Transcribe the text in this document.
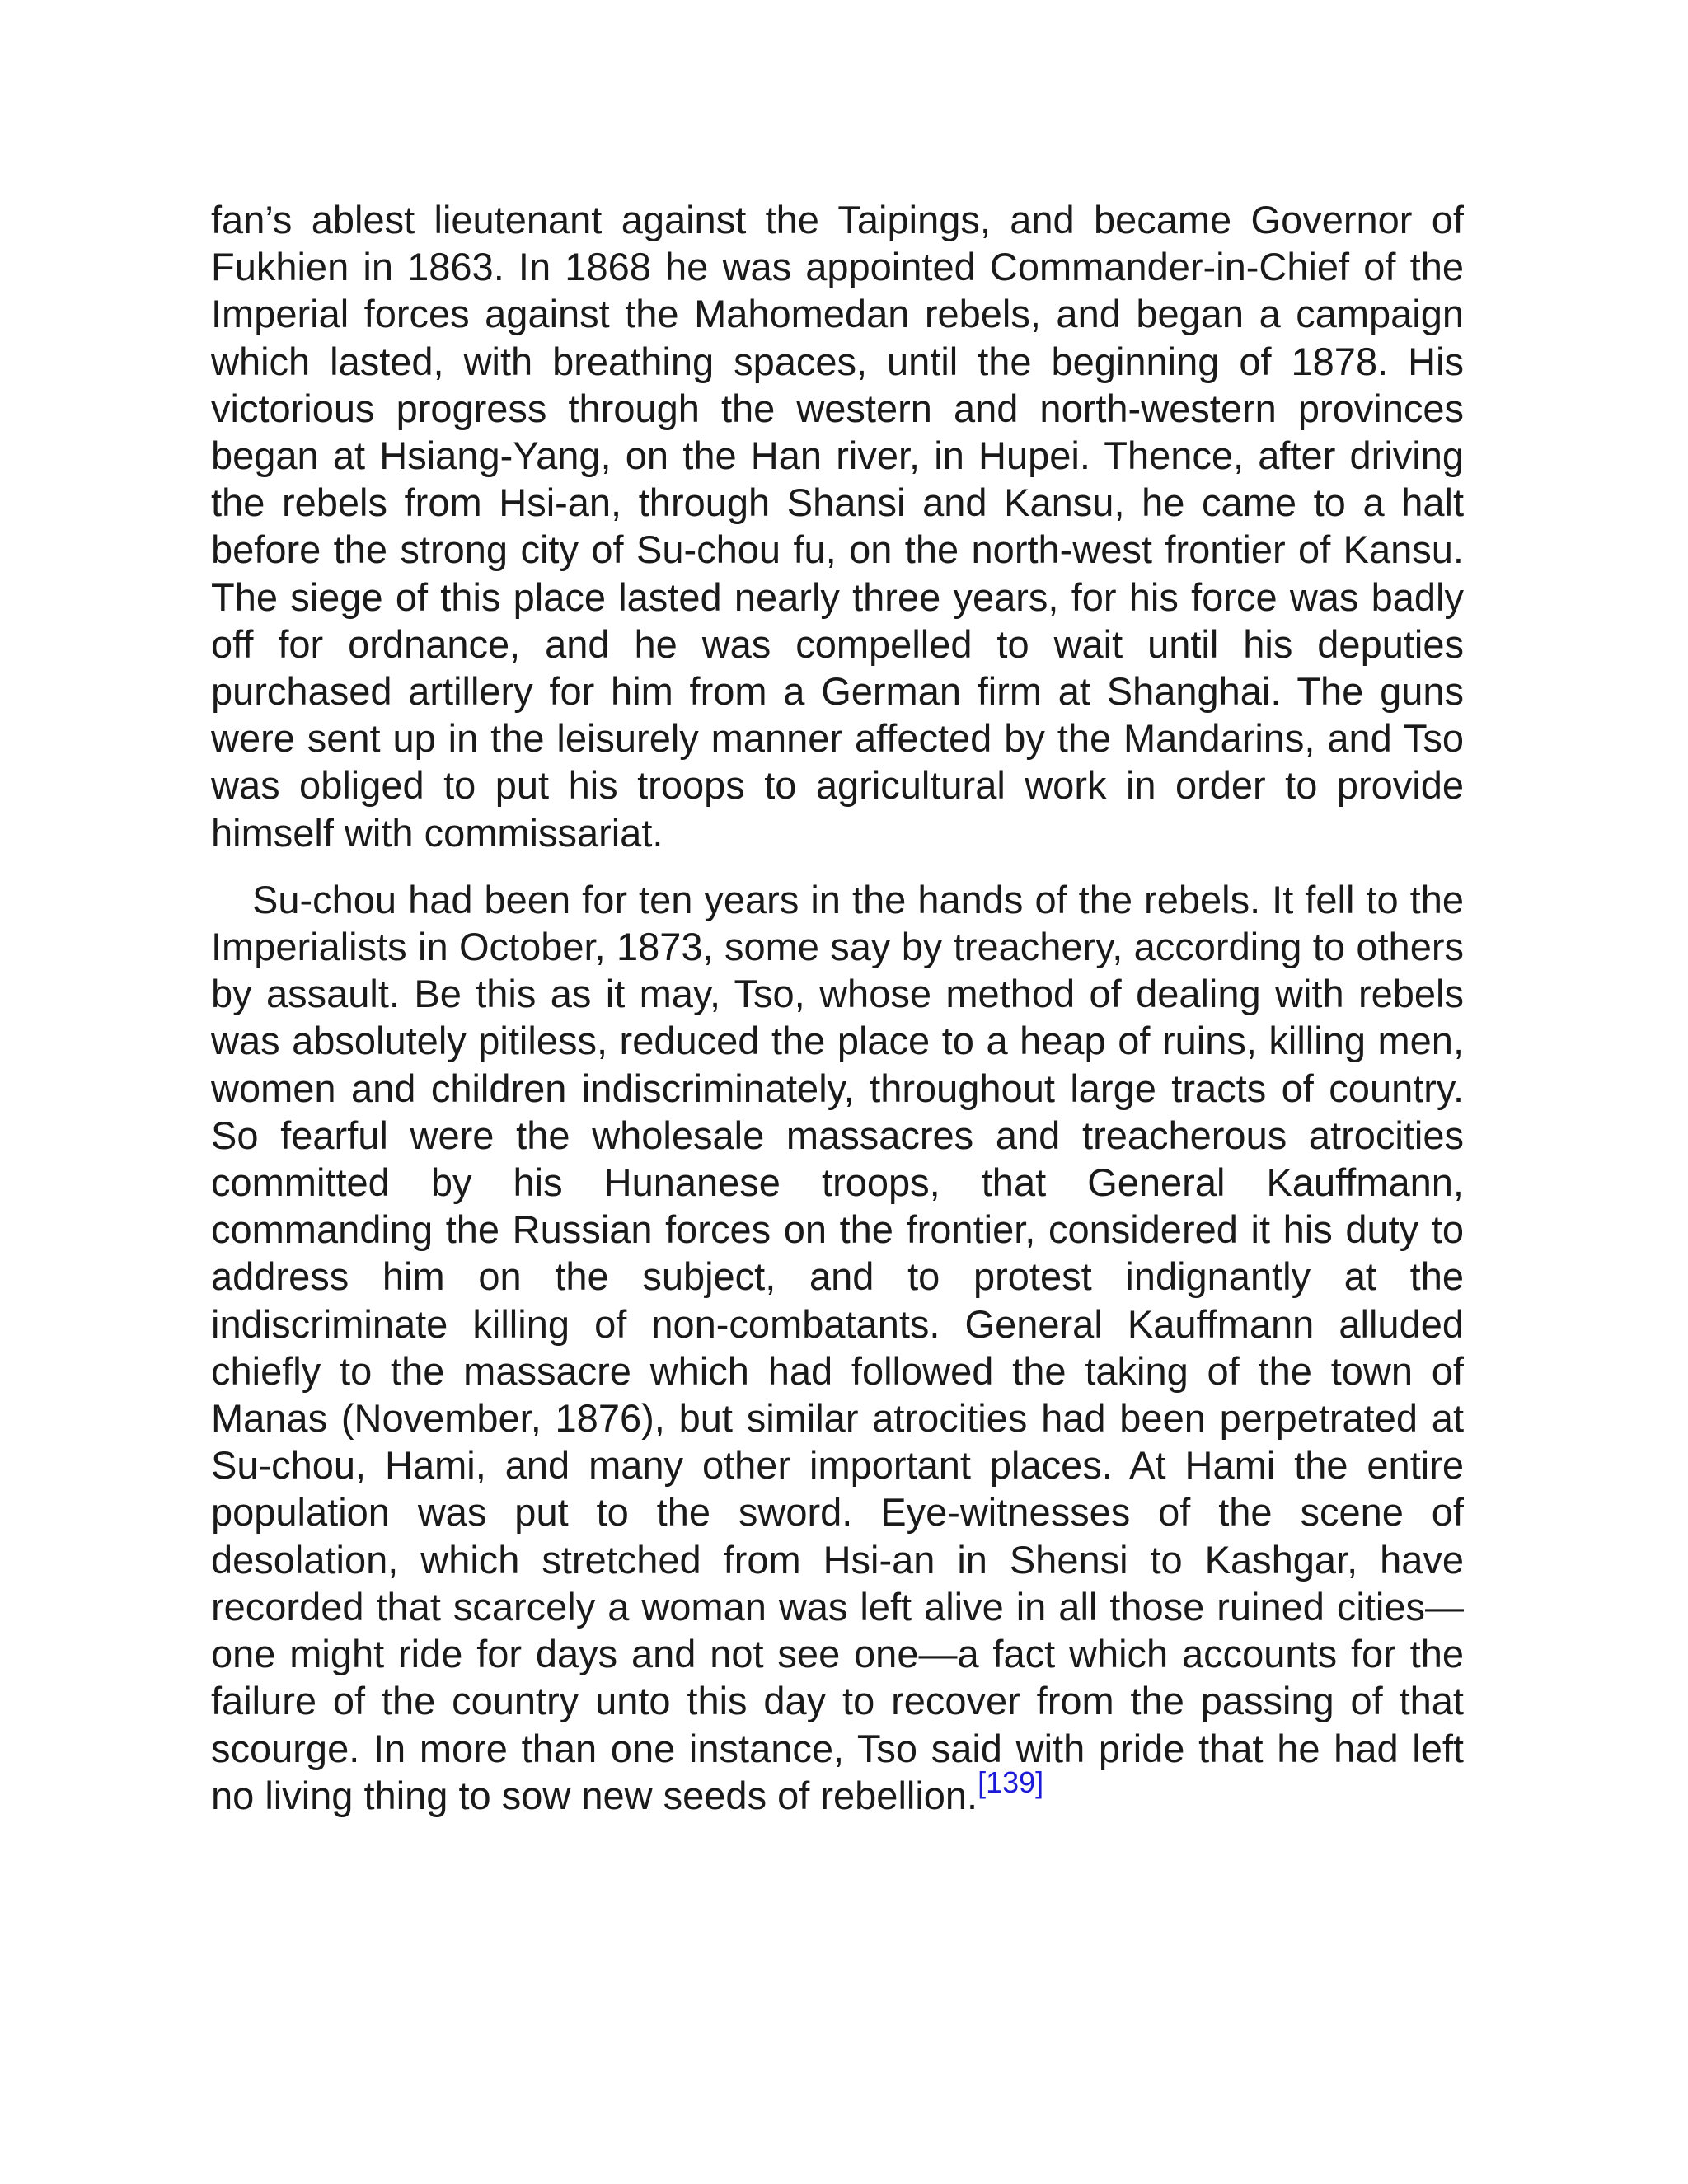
fan’s ablest lieutenant against the Taipings, and became Governor of Fukhien in 1863. In 1868 he was appointed Commander-in-Chief of the Imperial forces against the Mahomedan rebels, and began a campaign which lasted, with breathing spaces, until the beginning of 1878. His victorious progress through the western and north-western provinces began at Hsiang-Yang, on the Han river, in Hupei. Thence, after driving the rebels from Hsi-an, through Shansi and Kansu, he came to a halt before the strong city of Su-chou fu, on the north-west frontier of Kansu. The siege of this place lasted nearly three years, for his force was badly off for ordnance, and he was compelled to wait until his deputies purchased artillery for him from a German firm at Shanghai. The guns were sent up in the leisurely manner affected by the Mandarins, and Tso was obliged to put his troops to agricultural work in order to provide himself with commissariat.

Su-chou had been for ten years in the hands of the rebels. It fell to the Imperialists in October, 1873, some say by treachery, according to others by assault. Be this as it may, Tso, whose method of dealing with rebels was absolutely pitiless, reduced the place to a heap of ruins, killing men, women and children indiscriminately, throughout large tracts of country. So fearful were the wholesale massacres and treacherous atrocities committed by his Hunanese troops, that General Kauffmann, commanding the Russian forces on the frontier, considered it his duty to address him on the subject, and to protest indignantly at the indiscriminate killing of non-combatants. General Kauffmann alluded chiefly to the massacre which had followed the taking of the town of Manas (November, 1876), but similar atrocities had been perpetrated at Su-chou, Hami, and many other important places. At Hami the entire population was put to the sword. Eye-witnesses of the scene of desolation, which stretched from Hsi-an in Shensi to Kashgar, have recorded that scarcely a woman was left alive in all those ruined cities—one might ride for days and not see one—a fact which accounts for the failure of the country unto this day to recover from the passing of that scourge. In more than one instance, Tso said with pride that he had left no living thing to sow new seeds of rebellion.[139]
